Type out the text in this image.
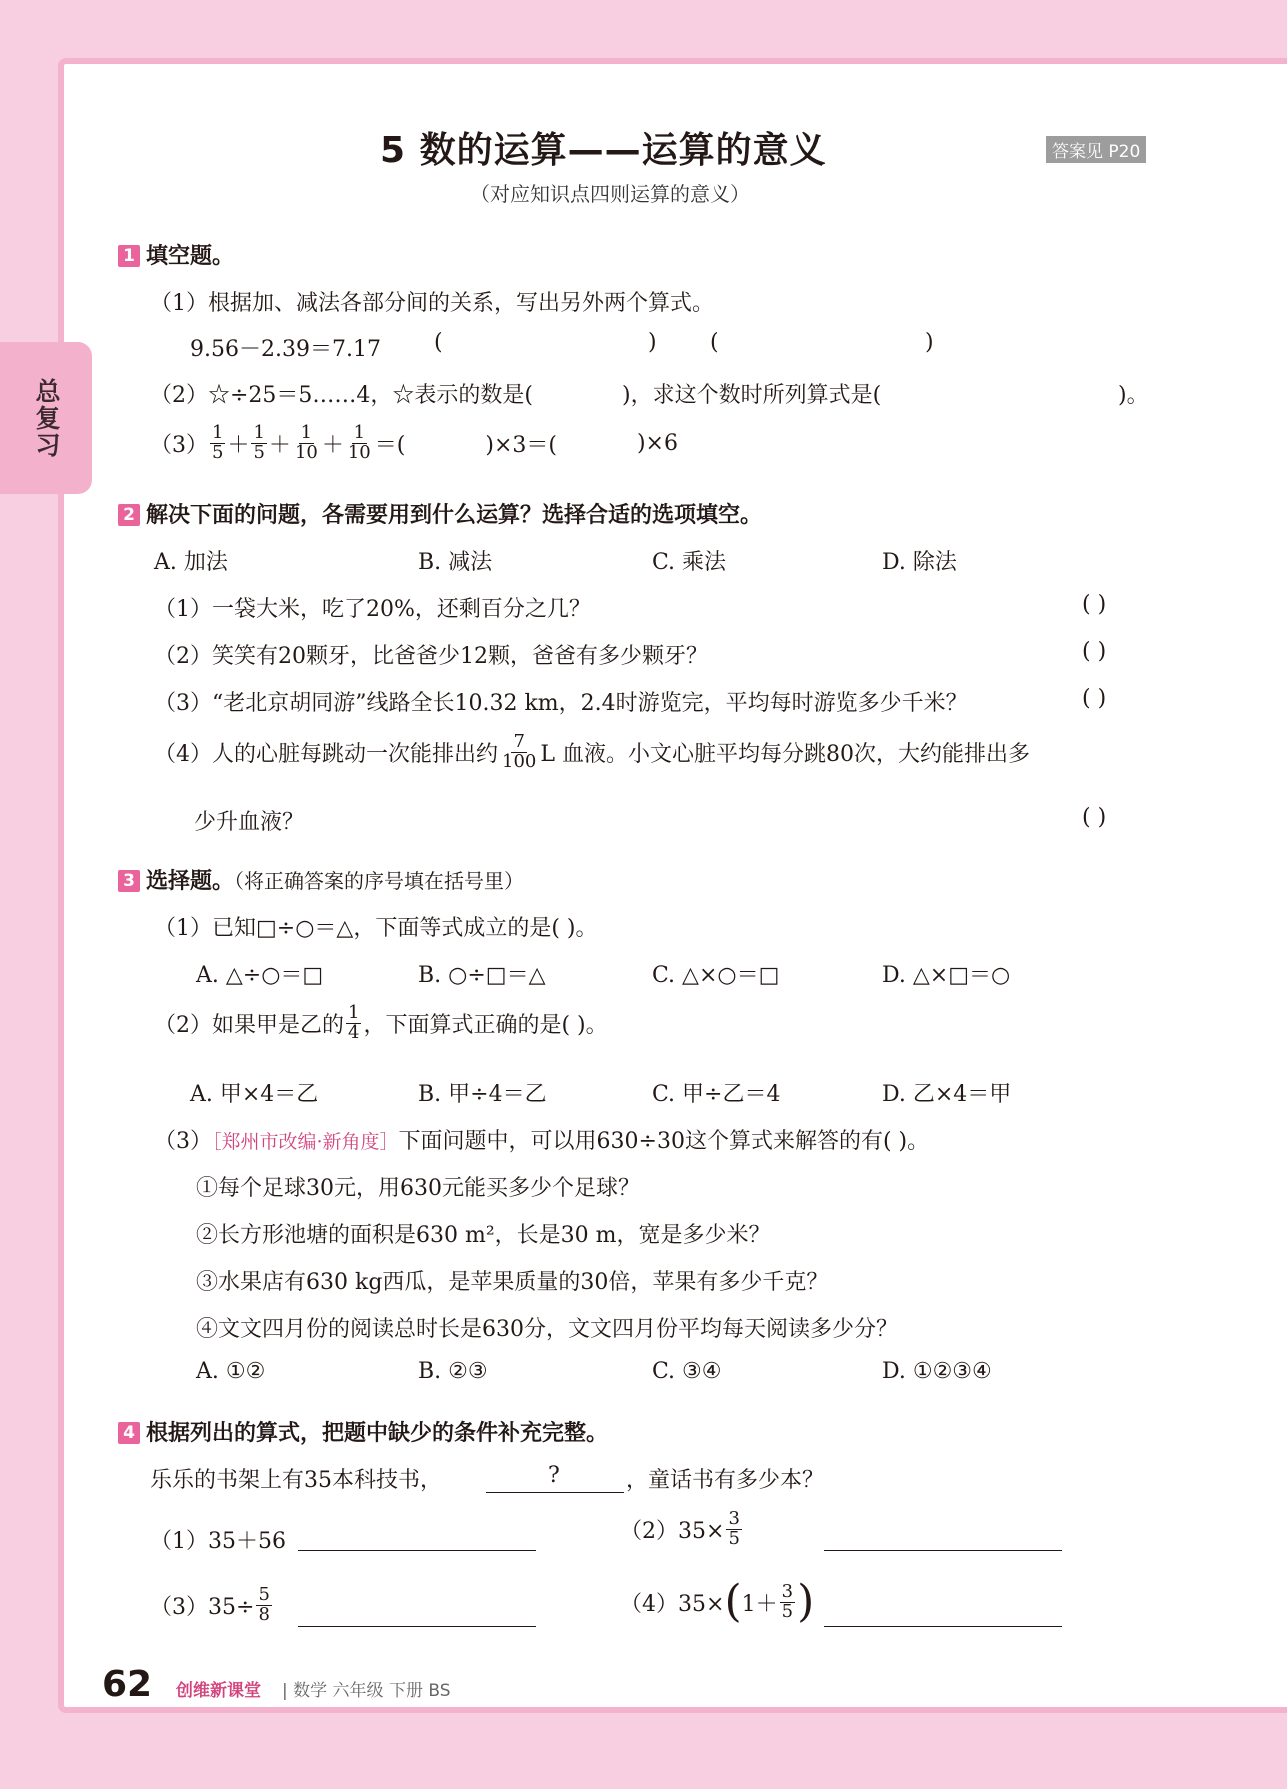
总复习
5 数的运算——运算的意义	答案见 P20
（对应知识点四则运算的意义）
1 填空题。
（1）根据加、减法各部分间的关系，写出另外两个算式。
9.56－2.39＝7.17 (	) (	)
（2）☆÷25＝5……4，☆表示的数是(	)，求这个数时所列算式是(	)。
$(3) \frac{1}{5} + \frac{1}{5} + \frac{1}{10} + \frac{1}{10}$ ＝(	)×3＝(	)×6
2 解决下面的问题，各需要用到什么运算？选择合适的选项填空。
A. 加法	B. 减法	C. 乘法	D. 除法
（1）一袋大米，吃了20%，还剩百分之几？	( )
（2）笑笑有20颗牙，比爸爸少12颗，爸爸有多少颗牙？	( )
（3）“老北京胡同游”线路全长10.32 km，2.4时游览完，平均每时游览多少千米？	( )
（4）人的心脏每跳动一次能排出约 $\frac{7}{100}$ L 血液。小文心脏平均每分跳80次，大约能排出多
少升血液？	( )
3 选择题。（将正确答案的序号填在括号里）
（1）已知□÷○＝△，下面等式成立的是( )。
A. △÷○＝□	B. ○÷□＝△	C. △×○＝□	D. △×□＝○
（2）如果甲是乙的 $\frac{1}{4}$ ，下面算式正确的是( )。
A. 甲×4＝乙	B. 甲÷4＝乙	C. 甲÷乙＝4	D. 乙×4＝甲
（3）［郑州市改编·新角度］下面问题中，可以用630÷30这个算式来解答的有( )。
①每个足球30元，用630元能买多少个足球？
②长方形池塘的面积是630 m²，长是30 m，宽是多少米？
③水果店有630 kg西瓜，是苹果质量的30倍，苹果有多少千克？
④文文四月份的阅读总时长是630分，文文四月份平均每天阅读多少分？
A. ①②	B. ②③	C. ③④	D. ①②③④
4 根据列出的算式，把题中缺少的条件补充完整。
乐乐的书架上有35本科技书，	?	，童话书有多少本？
（1）35＋56	$(2)35\times \frac{3}{5}$
$(3)35\div \frac{5}{8}$	（4）35× ( $1+ \frac{3}{5}$ )
62 创维新课堂 | 数学 六年级 下册 BS
